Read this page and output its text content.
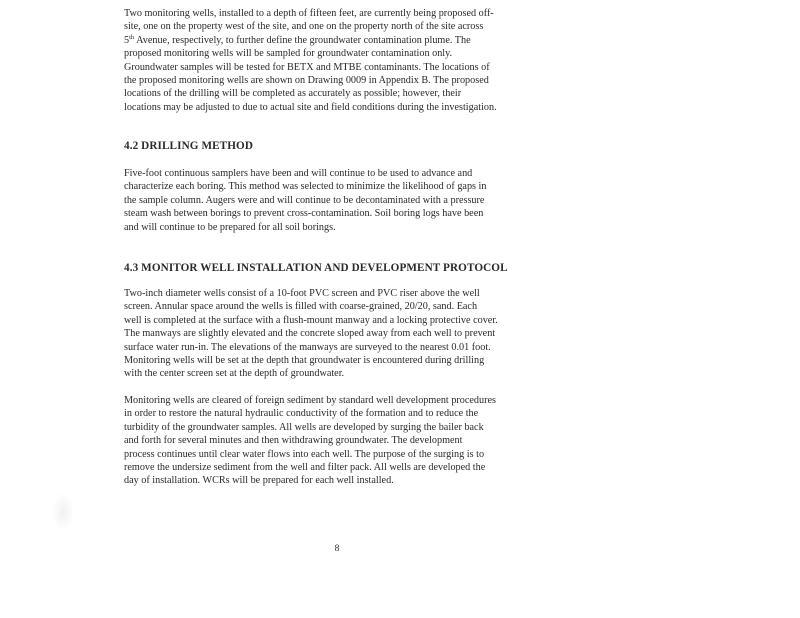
Two monitoring wells, installed to a depth of fifteen feet, are currently being proposed off-
site, one on the property west of the site, and one on the property north of the site across
5th Avenue, respectively, to further define the groundwater contamination plume. The
proposed monitoring wells will be sampled for groundwater contamination only.
Groundwater samples will be tested for BETX and MTBE contaminants. The locations of
the proposed monitoring wells are shown on Drawing 0009 in Appendix B. The proposed
locations of the drilling will be completed as accurately as possible; however, their
locations may be adjusted to due to actual site and field conditions during the investigation.
4.2 DRILLING METHOD
Five-foot continuous samplers have been and will continue to be used to advance and
characterize each boring. This method was selected to minimize the likelihood of gaps in
the sample column. Augers were and will continue to be decontaminated with a pressure
steam wash between borings to prevent cross-contamination. Soil boring logs have been
and will continue to be prepared for all soil borings.
4.3 MONITOR WELL INSTALLATION AND DEVELOPMENT PROTOCOL
Two-inch diameter wells consist of a 10-foot PVC screen and PVC riser above the well
screen. Annular space around the wells is filled with coarse-grained, 20/20, sand. Each
well is completed at the surface with a flush-mount manway and a locking protective cover.
The manways are slightly elevated and the concrete sloped away from each well to prevent
surface water run-in. The elevations of the manways are surveyed to the nearest 0.01 foot.
Monitoring wells will be set at the depth that groundwater is encountered during drilling
with the center screen set at the depth of groundwater.
Monitoring wells are cleared of foreign sediment by standard well development procedures
in order to restore the natural hydraulic conductivity of the formation and to reduce the
turbidity of the groundwater samples. All wells are developed by surging the bailer back
and forth for several minutes and then withdrawing groundwater. The development
process continues until clear water flows into each well. The purpose of the surging is to
remove the undersize sediment from the well and filter pack. All wells are developed the
day of installation. WCRs will be prepared for each well installed.
8
